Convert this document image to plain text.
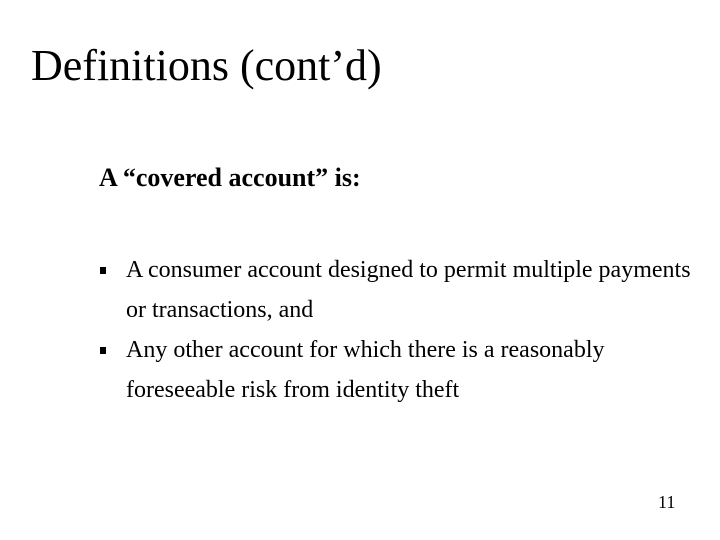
Definitions (cont’d)
A “covered account” is:
A consumer account designed to permit multiple payments or transactions, and
Any other account for which there is a reasonably foreseeable risk from identity theft
11
